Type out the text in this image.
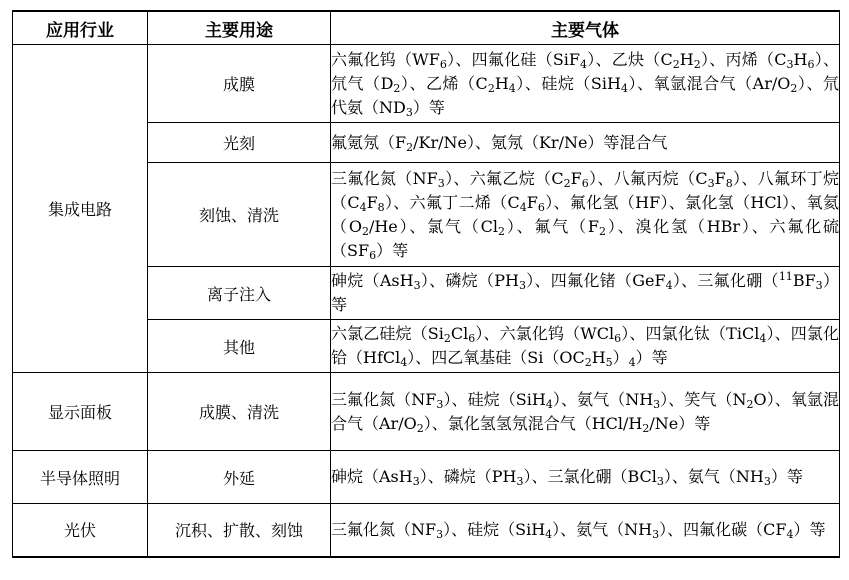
应用行业	主要用途	主要气体
集成电路	成膜	六氟化钨$(WF_6)$、四氟化硅（SiF$_4$）、乙炔$(C_2H_2)$、丙烯$(C_3H_6)$、氘气$(D_2)$、乙烯$(C_2H_4)$、硅烷（SiH$_4$）、氧氩混合气$(Ar/O_2)$、氘代氨$(ND_3)$等
	光刻	氟氪氖$(F_2/Kr/Ne)$、氪氖（Kr/Ne）等混合气
	刻蚀、清洗	三氟化氮$(NF_3)$、六氟乙烷$(C_2F_6)$、八氟丙烷$(C_3F_8)$、八氟环丁烷$(C_4F_8)$、六氟丁二烯$(C_4F_6)$、氟化氢（HF）、氯化氢（HCl）、氧氦$(O_2/He)$、氯气$(Cl_2)$、氟气$(F_2)$、溴化氢（HBr）、六氟化硫$(SF_6)$等
	离子注入	砷烷（AsH$_3$）、磷烷$(PH_3)$、四氟化锗（GeF$_4$）、三氟化硼$(^{11}BF_3)$等
	其他	六氯乙硅烷$(Si_2Cl_6)$、六氯化钨（WCl$_6$）、四氯化钛（TiCl$_4$）、四氯化铪（HfCl$_4$）、四乙氧基硅$(Si(OC_2H_5)_4)$等
显示面板	成膜、清洗	三氟化氮$(NF_3)$、硅烷（SiH$_4$）、氨气$(NH_3)$、笑气$(N_2O)$、氧氩混合气$(Ar/O_2)$、氯化氢氢氖混合气$(HCl/H_2/Ne)$等
半导体照明	外延	砷烷（AsH$_3$）、磷烷$(PH_3)$、三氯化硼（BCl$_3$）、氨气$(NH_3)$等
光伏	沉积、扩散、刻蚀	三氟化氮$(NF_3)$、硅烷（SiH$_4$）、氨气$(NH_3)$、四氟化碳$(CF_4)$等
